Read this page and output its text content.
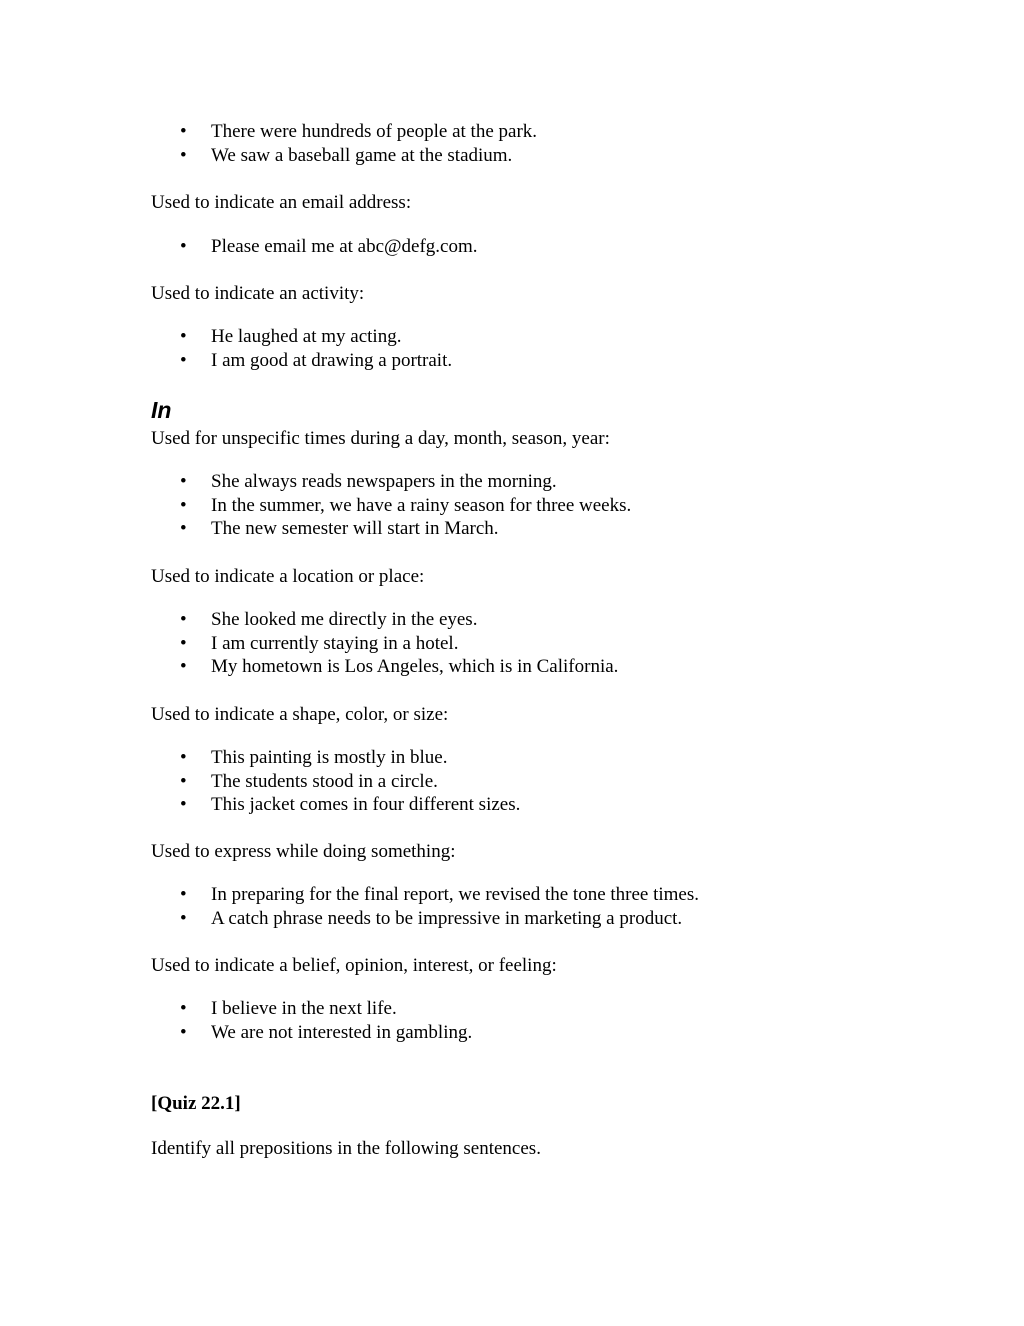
• There were hundreds of people at the park.
• We saw a baseball game at the stadium.

Used to indicate an email address:

• Please email me at abc@defg.com.

Used to indicate an activity:

• He laughed at my acting.
• I am good at drawing a portrait.
In

Used for unspecific times during a day, month, season, year:

• She always reads newspapers in the morning.
• In the summer, we have a rainy season for three weeks.
• The new semester will start in March.

Used to indicate a location or place:

• She looked me directly in the eyes.
• I am currently staying in a hotel.
• My hometown is Los Angeles, which is in California.

Used to indicate a shape, color, or size:

• This painting is mostly in blue.
• The students stood in a circle.
• This jacket comes in four different sizes.

Used to express while doing something:

• In preparing for the final report, we revised the tone three times.
• A catch phrase needs to be impressive in marketing a product.

Used to indicate a belief, opinion, interest, or feeling:

• I believe in the next life.
• We are not interested in gambling.

[Quiz 22.1]

Identify all prepositions in the following sentences.
